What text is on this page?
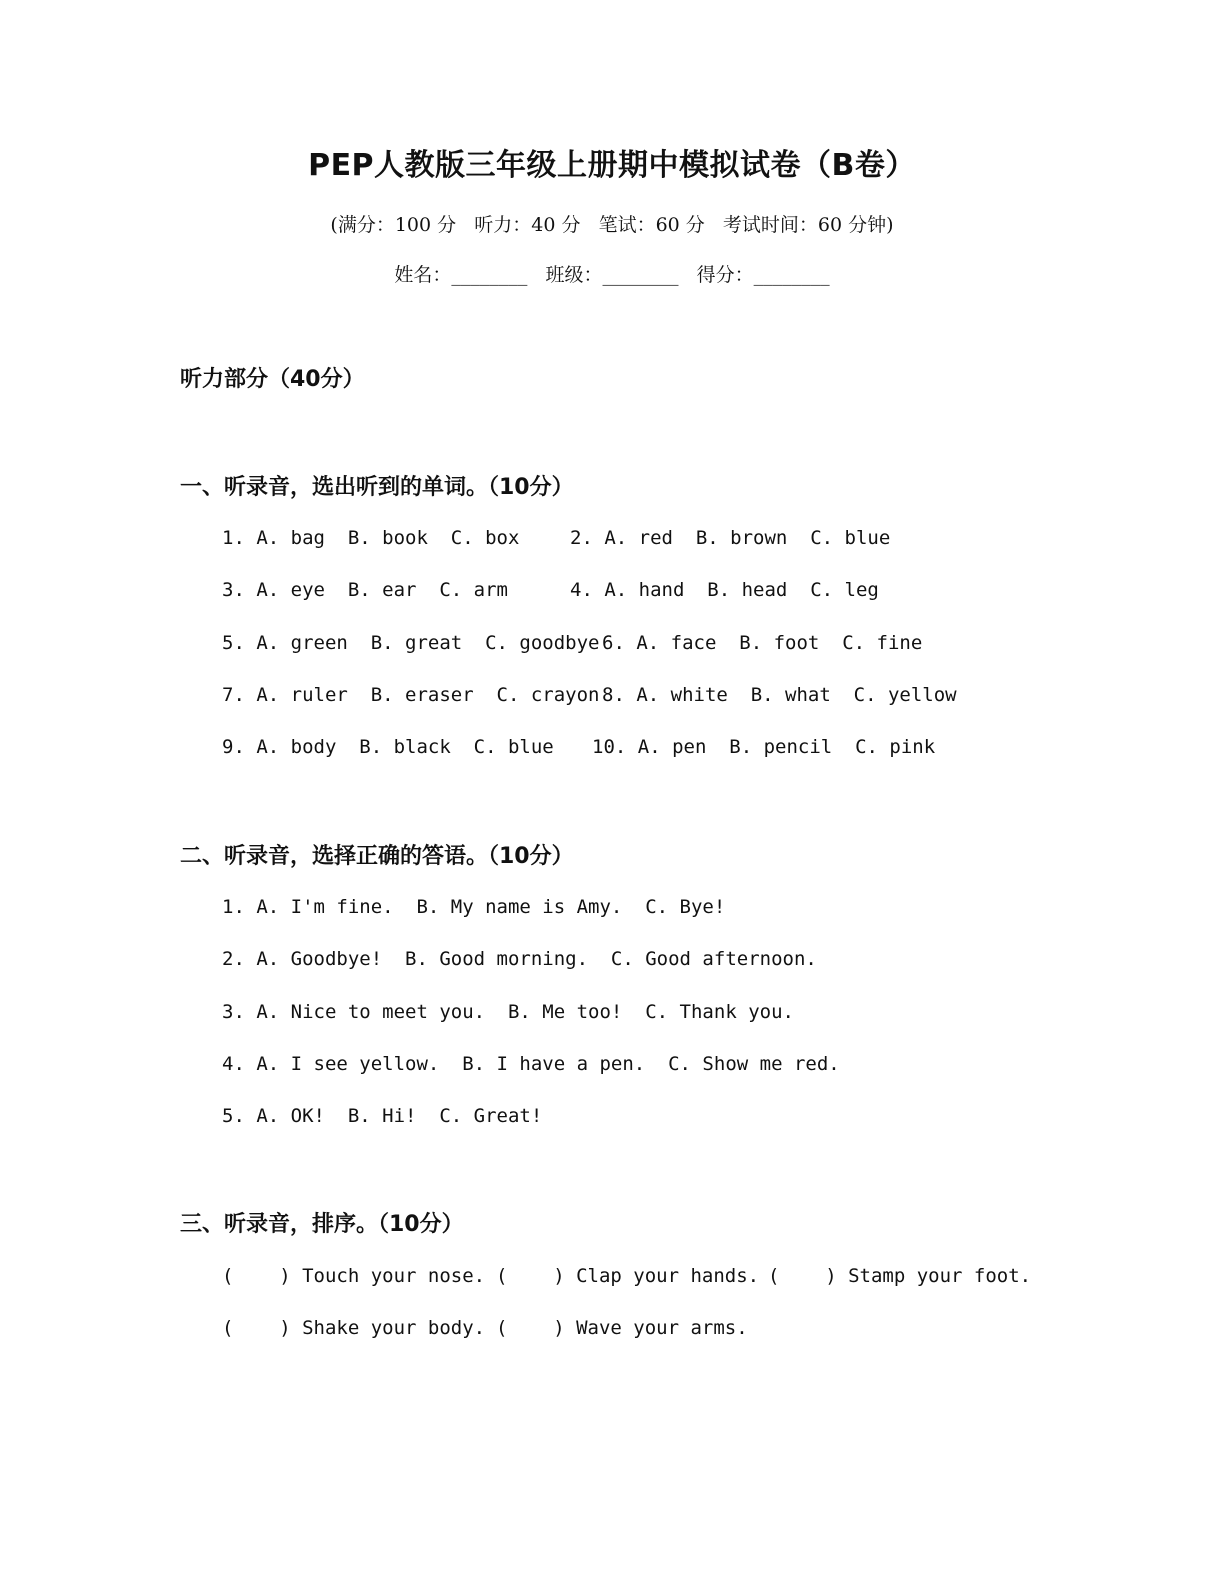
PEP人教版三年级上册期中模拟试卷（B卷）
(满分：100 分   听力：40 分   笔试：60 分   考试时间：60 分钟)
姓名：________   班级：________   得分：________
听力部分（40分）
一、听录音，选出听到的单词。（10分）
1. A. bag  B. book  C. box	2. A. red  B. brown  C. blue
3. A. eye  B. ear  C. arm	4. A. hand  B. head  C. leg
5. A. green  B. great  C. goodbye 6. A. face  B. foot  C. fine
7. A. ruler  B. eraser  C. crayon 8. A. white  B. what  C. yellow
9. A. body  B. black  C. blue 10. A. pen  B. pencil  C. pink
二、听录音，选择正确的答语。（10分）
1. A. I'm fine.  B. My name is Amy.  C. Bye!
2. A. Goodbye!  B. Good morning.  C. Good afternoon.
3. A. Nice to meet you.  B. Me too!  C. Thank you.
4. A. I see yellow.  B. I have a pen.  C. Show me red.
5. A. OK!  B. Hi!  C. Great!
三、听录音，排序。（10分）
(    ) Touch your nose. (    ) Clap your hands. (    ) Stamp your foot.
(    ) Shake your body. (    ) Wave your arms.
